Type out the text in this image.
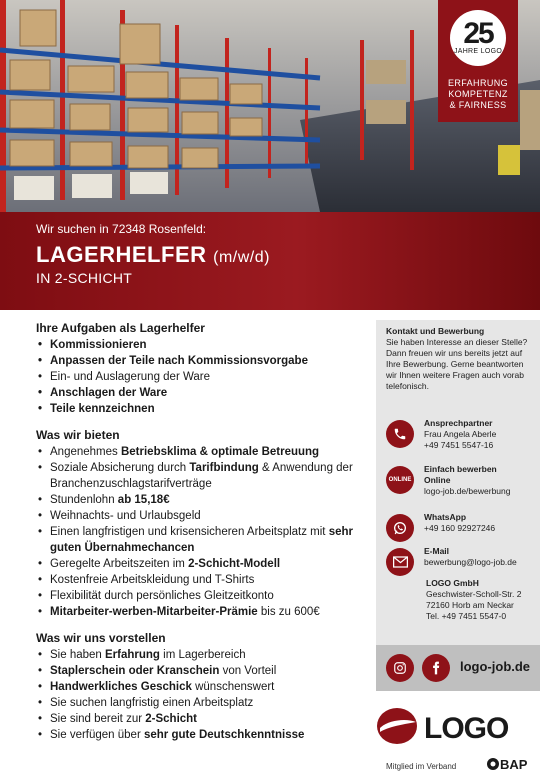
25
JAHRE LOGO
ERFAHRUNG
KOMPETENZ
& FAIRNESS
Wir suchen in 72348 Rosenfeld:
LAGERHELFER (m/w/d)
IN 2-SCHICHT
Ihre Aufgaben als Lagerhelfer
• Kommissionieren
• Anpassen der Teile nach Kommissionsvorgabe
• Ein- und Auslagerung der Ware
• Anschlagen der Ware
• Teile kennzeichnen
Was wir bieten
• Angenehmes Betriebsklima & optimale Betreuung
• Soziale Absicherung durch Tarifbindung & Anwendung der Branchenzuschlagstarifverträge
• Stundenlohn ab 15,18€
• Weihnachts- und Urlaubsgeld
• Einen langfristigen und krisensicheren Arbeitsplatz mit sehr guten Übernahmechancen
• Geregelte Arbeitszeiten im 2-Schicht-Modell
• Kostenfreie Arbeitskleidung und T-Shirts
• Flexibilität durch persönliches Gleitzeitkonto
• Mitarbeiter-werben-Mitarbeiter-Prämie bis zu 600€
Was wir uns vorstellen
• Sie haben Erfahrung im Lagerbereich
• Staplerschein oder Kranschein von Vorteil
• Handwerkliches Geschick wünschenswert
• Sie suchen langfristig einen Arbeitsplatz
• Sie sind bereit zur 2-Schicht
• Sie verfügen über sehr gute Deutschkenntnisse
Kontakt und Bewerbung
Sie haben Interesse an dieser Stelle? Dann freuen wir uns bereits jetzt auf Ihre Bewerbung. Gerne beantworten wir Ihnen weitere Fragen auch vorab telefonisch.
Ansprechpartner
Frau Angela Aberle
+49 7451 5547-16
ONLINE
Einfach bewerben
Online
logo-job.de/bewerbung
WhatsApp
+49 160 92927246
E-Mail
bewerbung@logo-job.de
LOGO GmbH
Geschwister-Scholl-Str. 2
72160 Horb am Neckar
Tel. +49 7451 5547-0
logo-job.de
LOGO
Mitglied im Verband	BAP
